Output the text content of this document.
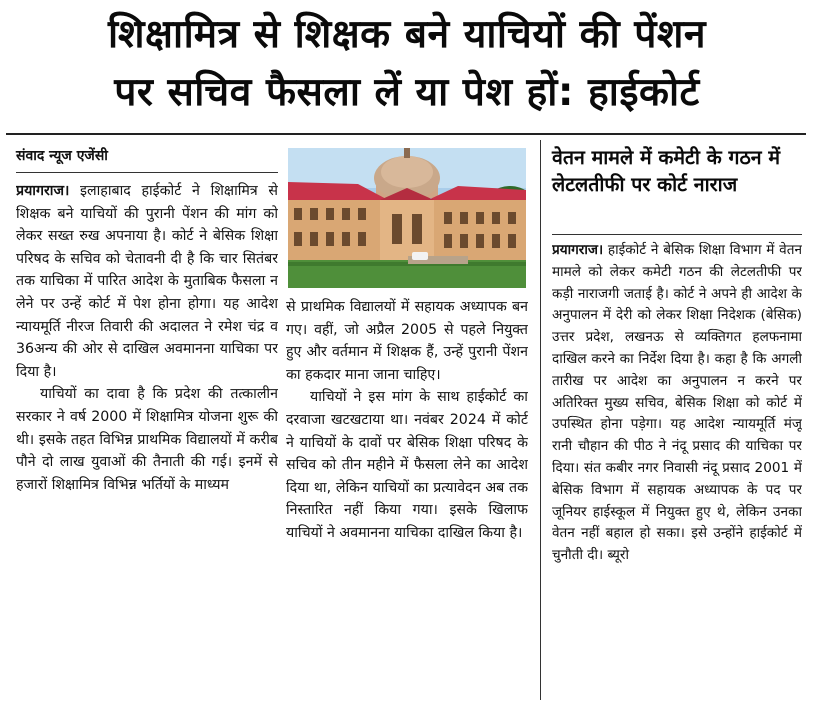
शिक्षामित्र से शिक्षक बने याचियों की पेंशन
पर सचिव फैसला लें या पेश हों: हाईकोर्ट
संवाद न्यूज एजेंसी

प्रयागराज। इलाहाबाद हाईकोर्ट ने शिक्षामित्र से शिक्षक बने याचियों की पुरानी पेंशन की मांग को लेकर सख्त रुख अपनाया है। कोर्ट ने बेसिक शिक्षा परिषद के सचिव को चेतावनी दी है कि चार सितंबर तक याचिका में पारित आदेश के मुताबिक फैसला न लेने पर उन्हें कोर्ट में पेश होना होगा। यह आदेश न्यायमूर्ति नीरज तिवारी की अदालत ने रमेश चंद्र व 36अन्य की ओर से दाखिल अवमानना याचिका पर दिया है।

याचियों का दावा है कि प्रदेश की तत्कालीन सरकार ने वर्ष 2000 में शिक्षामित्र योजना शुरू की थी। इसके तहत विभिन्न प्राथमिक विद्यालयों में करीब पौने दो लाख युवाओं की तैनाती की गई। इनमें से हजारों शिक्षामित्र विभिन्न भर्तियों के माध्यम

से प्राथमिक विद्यालयों में सहायक अध्यापक बन गए। वहीं, जो अप्रैल 2005 से पहले नियुक्त हुए और वर्तमान में शिक्षक हैं, उन्हें पुरानी पेंशन का हकदार माना जाना चाहिए।

याचियों ने इस मांग के साथ हाईकोर्ट का दरवाजा खटखटाया था। नवंबर 2024 में कोर्ट ने याचियों के दावों पर बेसिक शिक्षा परिषद के सचिव को तीन महीने में फैसला लेने का आदेश दिया था, लेकिन याचियों का प्रत्यावेदन अब तक निस्तारित नहीं किया गया। इसके खिलाफ याचियों ने अवमानना याचिका दाखिल किया है।

वेतन मामले में कमेटी के गठन में लेटलतीफी पर कोर्ट नाराज

प्रयागराज। हाईकोर्ट ने बेसिक शिक्षा विभाग में वेतन मामले को लेकर कमेटी गठन की लेटलतीफी पर कड़ी नाराजगी जताई है। कोर्ट ने अपने ही आदेश के अनुपालन में देरी को लेकर शिक्षा निदेशक (बेसिक) उत्तर प्रदेश, लखनऊ से व्यक्तिगत हलफनामा दाखिल करने का निर्देश दिया है। कहा है कि अगली तारीख पर आदेश का अनुपालन न करने पर अतिरिक्त मुख्य सचिव, बेसिक शिक्षा को कोर्ट में उपस्थित होना पड़ेगा। यह आदेश न्यायमूर्ति मंजू रानी चौहान की पीठ ने नंदू प्रसाद की याचिका पर दिया। संत कबीर नगर निवासी नंदू प्रसाद 2001 में बेसिक विभाग में सहायक अध्यापक के पद पर जूनियर हाईस्कूल में नियुक्त हुए थे, लेकिन उनका वेतन नहीं बहाल हो सका। इसे उन्होंने हाईकोर्ट में चुनौती दी। ब्यूरो
